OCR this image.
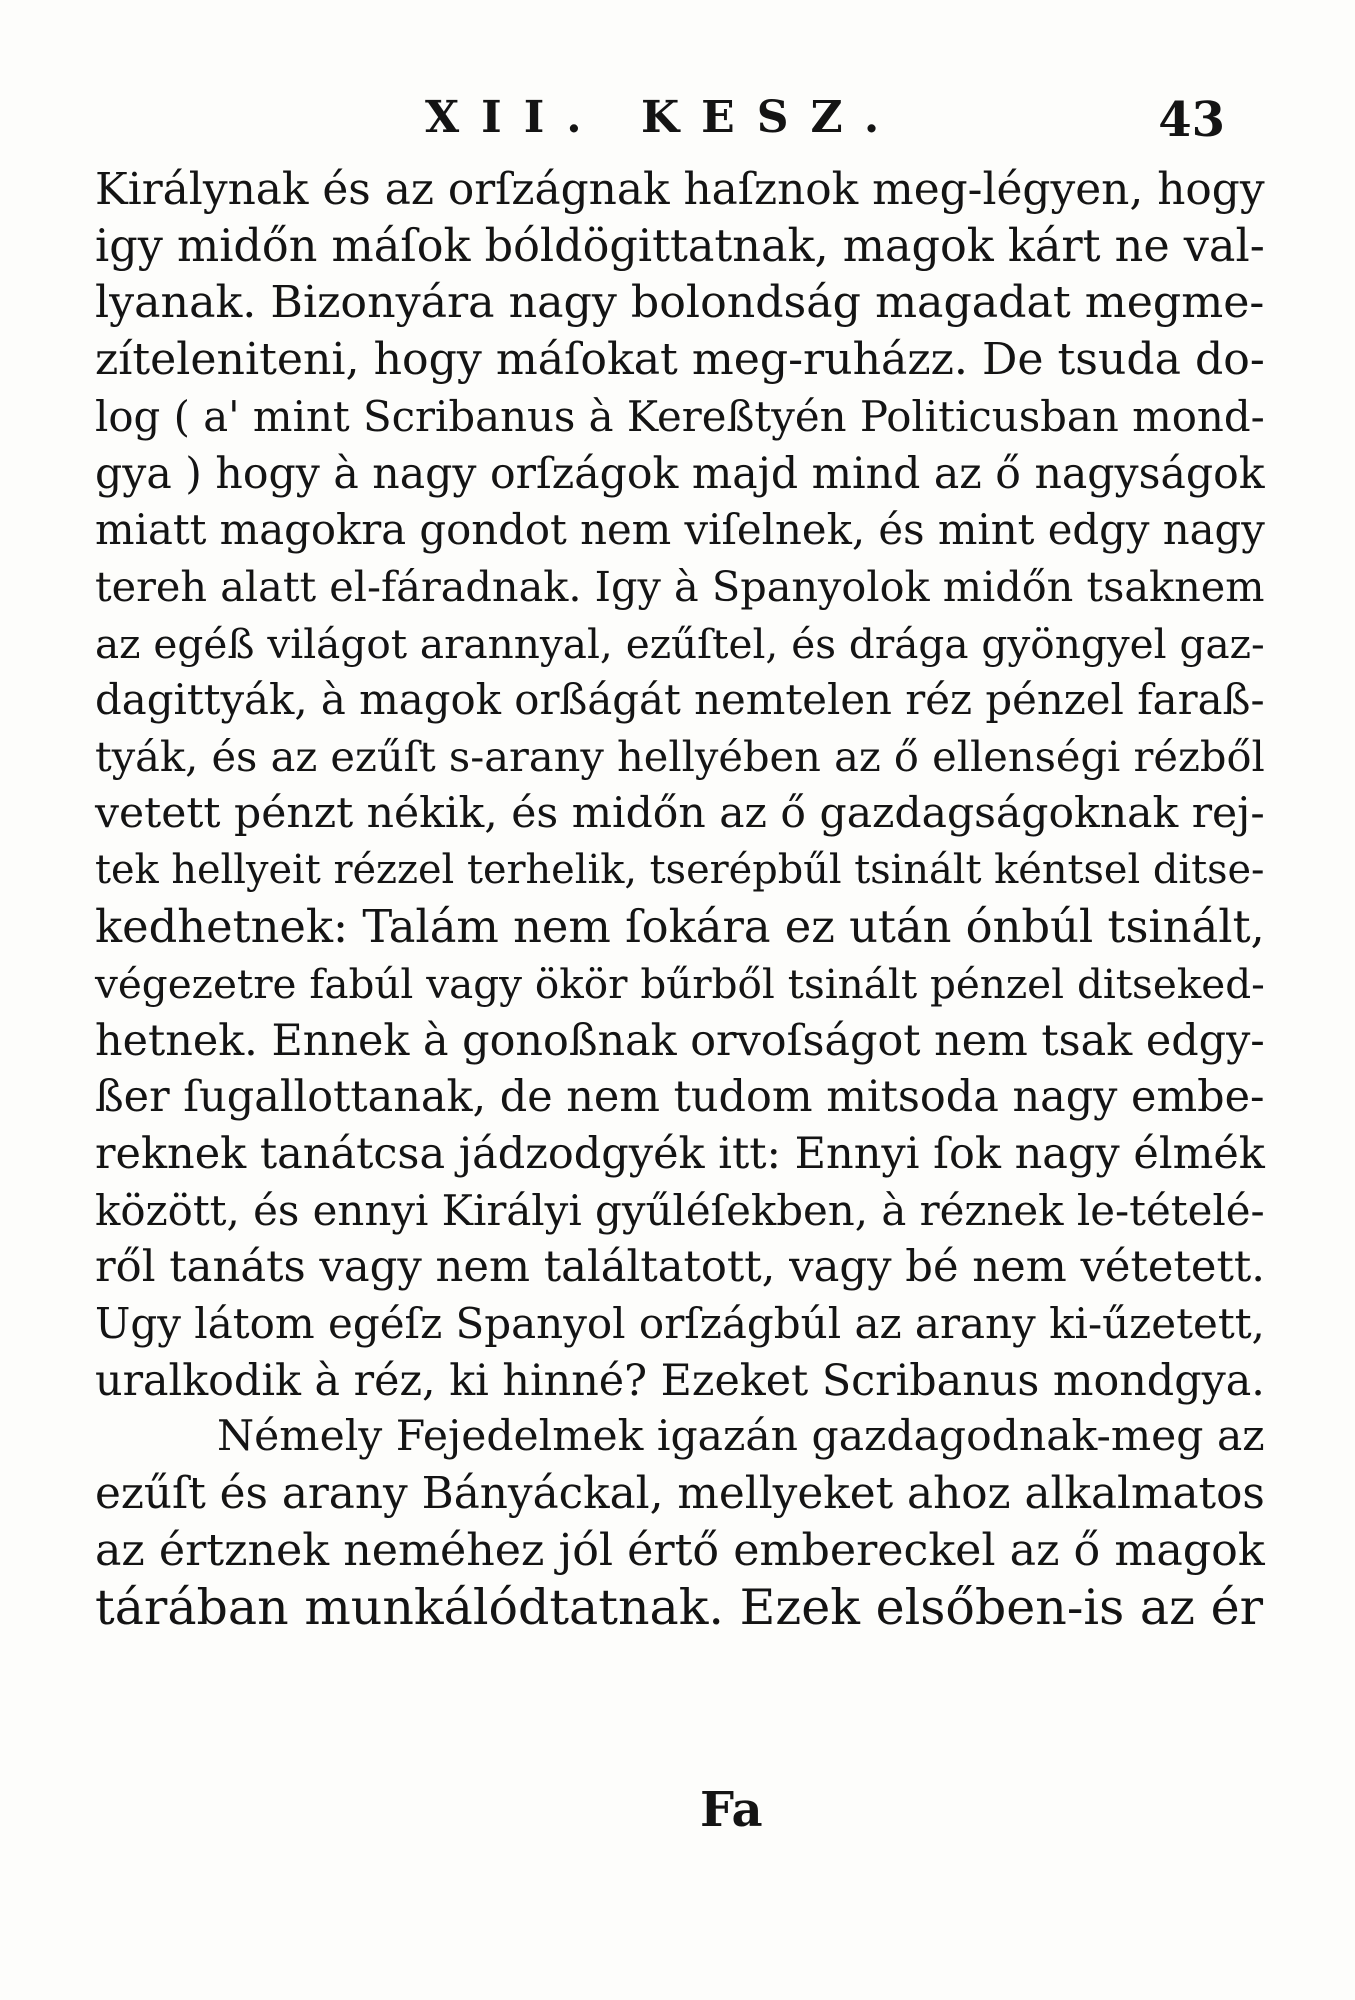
XII. KESZ.	43
Királynak és az orſzágnak haſznok meg-légyen, hogy
igy midőn máſok bóldögittatnak, magok kárt ne val-
lyanak. Bizonyára nagy bolondság magadat megme-
zíteleniteni, hogy máſokat meg-ruházz. De tsuda do-
log ( a' mint Scribanus à Kereßtyén Politicusban mond-
gya ) hogy à nagy orſzágok majd mind az ő nagyságok
miatt magokra gondot nem viſelnek, és mint edgy nagy
tereh alatt el-fáradnak. Igy à Spanyolok midőn tsaknem
az egéß világot arannyal, ezűſtel, és drága gyöngyel gaz-
dagittyák, à magok orßágát nemtelen réz pénzel faraß-
tyák, és az ezűſt s-arany hellyében az ő ellenségi rézből
vetett pénzt nékik, és midőn az ő gazdagságoknak rej-
tek hellyeit rézzel terhelik, tserépbűl tsinált kéntsel ditse-
kedhetnek: Talám nem ſokára ez után ónbúl tsinált,
végezetre fabúl vagy ökör bűrből tsinált pénzel ditseked-
hetnek. Ennek à gonoßnak orvoſságot nem tsak edgy-
ßer ſugallottanak, de nem tudom mitsoda nagy embe-
reknek tanátcsa jádzodgyék itt: Ennyi ſok nagy élmék
között, és ennyi Királyi gyűléſekben, à réznek le-tételé-
ről tanáts vagy nem találtatott, vagy bé nem vétetett.
Ugy látom egéſz Spanyol orſzágbúl az arany ki-űzetett,
uralkodik à réz, ki hinné? Ezeket Scribanus mondgya.
Némely Fejedelmek igazán gazdagodnak-meg az
ezűſt és arany Bányáckal, mellyeket ahoz alkalmatos
az értznek neméhez jól értő embereckel az ő magok
tárában munkálódtatnak. Ezek elsőben-is az ér
Fa
